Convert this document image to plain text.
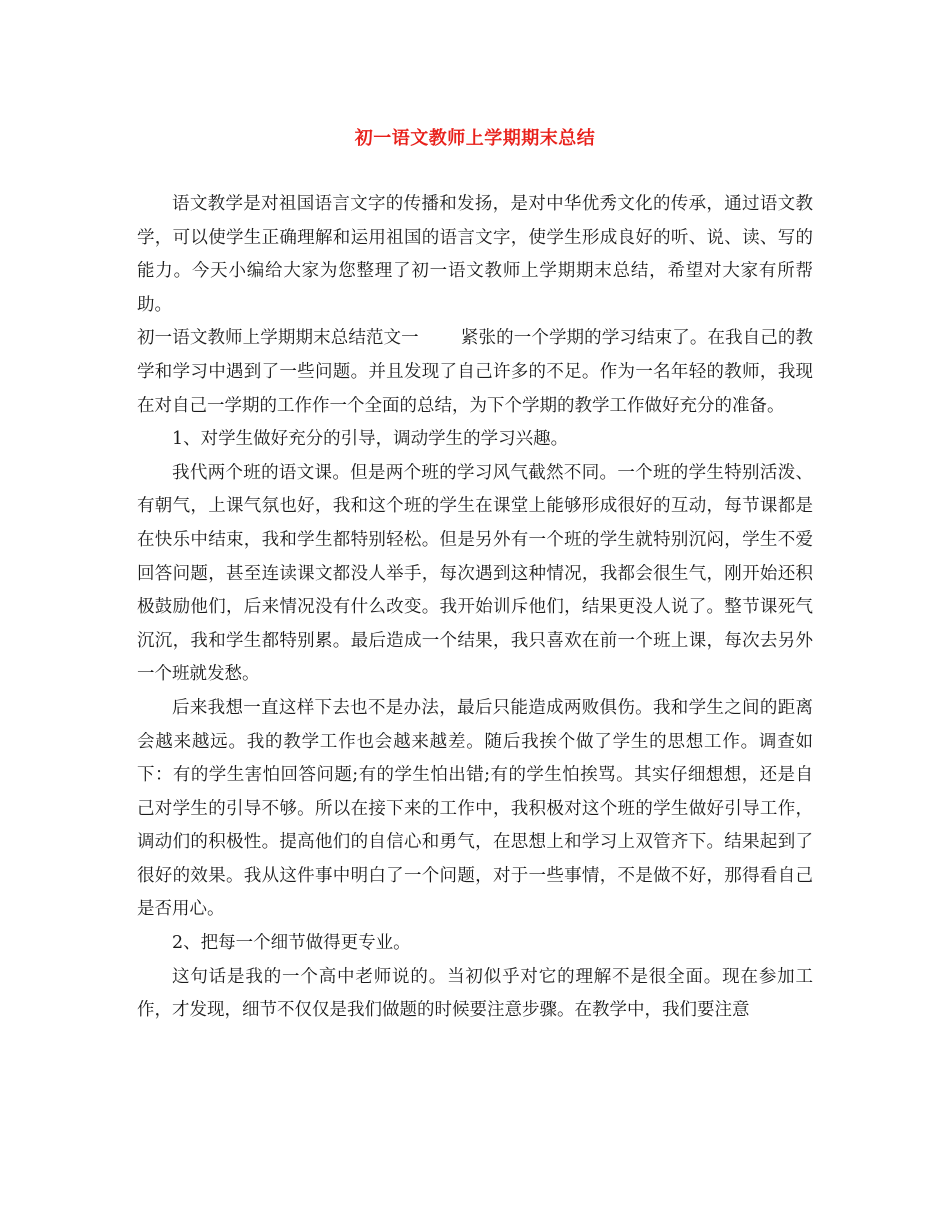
初一语文教师上学期期末总结

语文教学是对祖国语言文字的传播和发扬，是对中华优秀文化的传承，通过语文教学，可以使学生正确理解和运用祖国的语言文字，使学生形成良好的听、说、读、写的能力。今天小编给大家为您整理了初一语文教师上学期期末总结，希望对大家有所帮助。

初一语文教师上学期期末总结范文一 紧张的一个学期的学习结束了。在我自己的教学和学习中遇到了一些问题。并且发现了自己许多的不足。作为一名年轻的教师，我现在对自己一学期的工作作一个全面的总结，为下个学期的教学工作做好充分的准备。

1、对学生做好充分的引导，调动学生的学习兴趣。

我代两个班的语文课。但是两个班的学习风气截然不同。一个班的学生特别活泼、有朝气，上课气氛也好，我和这个班的学生在课堂上能够形成很好的互动，每节课都是在快乐中结束，我和学生都特别轻松。但是另外有一个班的学生就特别沉闷，学生不爱回答问题，甚至连读课文都没人举手，每次遇到这种情况，我都会很生气，刚开始还积极鼓励他们，后来情况没有什么改变。我开始训斥他们，结果更没人说了。整节课死气沉沉，我和学生都特别累。最后造成一个结果，我只喜欢在前一个班上课，每次去另外一个班就发愁。

后来我想一直这样下去也不是办法，最后只能造成两败俱伤。我和学生之间的距离会越来越远。我的教学工作也会越来越差。随后我挨个做了学生的思想工作。调查如下：有的学生害怕回答问题;有的学生怕出错;有的学生怕挨骂。其实仔细想想，还是自己对学生的引导不够。所以在接下来的工作中，我积极对这个班的学生做好引导工作，调动们的积极性。提高他们的自信心和勇气，在思想上和学习上双管齐下。结果起到了很好的效果。我从这件事中明白了一个问题，对于一些事情，不是做不好，那得看自己是否用心。

2、把每一个细节做得更专业。

这句话是我的一个高中老师说的。当初似乎对它的理解不是很全面。现在参加工作，才发现，细节不仅仅是我们做题的时候要注意步骤。在教学中，我们要注意
